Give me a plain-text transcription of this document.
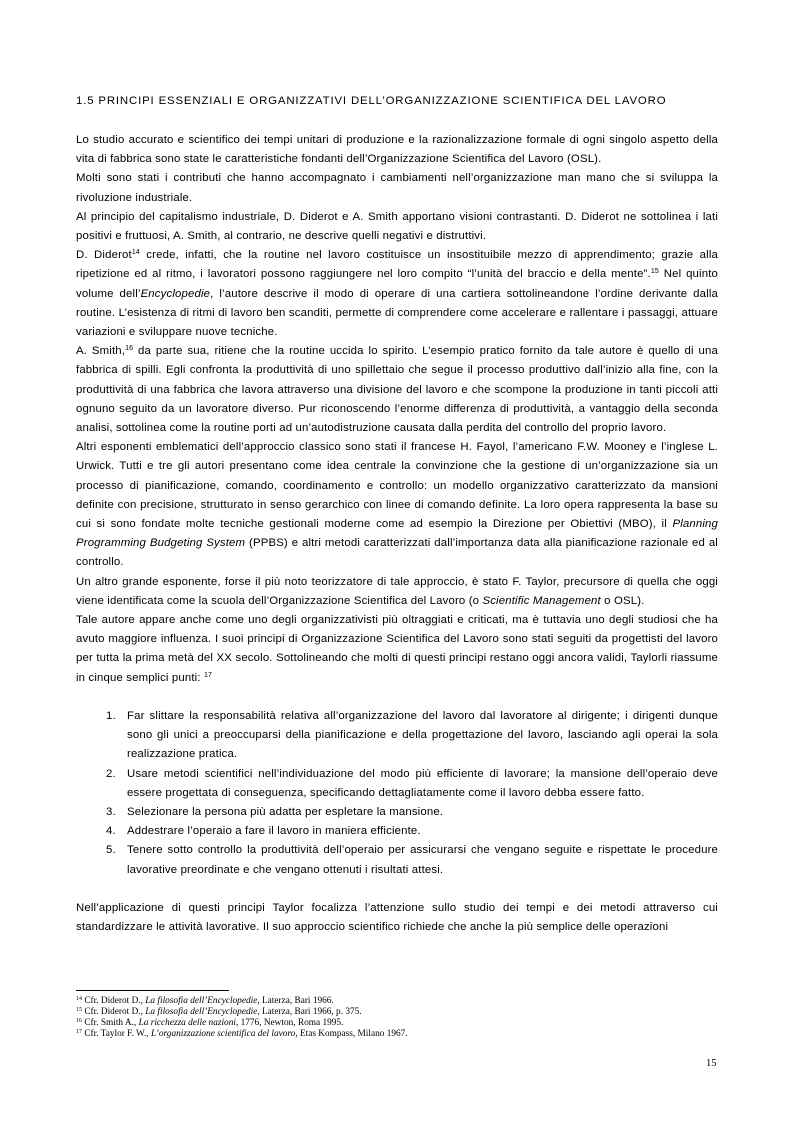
1.5 PRINCIPI ESSENZIALI E ORGANIZZATIVI DELL’ORGANIZZAZIONE SCIENTIFICA DEL LAVORO

Lo studio accurato e scientifico dei tempi unitari di produzione e la razionalizzazione formale di ogni singolo aspetto della vita di fabbrica sono state le caratteristiche fondanti dell’Organizzazione Scientifica del Lavoro (OSL).

Molti sono stati i contributi che hanno accompagnato i cambiamenti nell’organizzazione man mano che si sviluppa la rivoluzione industriale.

Al principio del capitalismo industriale, D. Diderot e A. Smith apportano visioni contrastanti. D. Diderot ne sottolinea i lati positivi e fruttuosi, A. Smith, al contrario, ne descrive quelli negativi e distruttivi.

D. Diderot$^{14}$ crede, infatti, che la routine nel lavoro costituisce un insostituibile mezzo di apprendimento; grazie alla ripetizione ed al ritmo, i lavoratori possono raggiungere nel loro compito “l’unità del braccio e della mente”.$^{15}$ Nel quinto volume dell’Encyclopedie, l’autore descrive il modo di operare di una cartiera sottolineandone l’ordine derivante dalla routine. L’esistenza di ritmi di lavoro ben scanditi, permette di comprendere come accelerare e rallentare i passaggi, attuare variazioni e sviluppare nuove tecniche.

A. Smith,$^{16}$ da parte sua, ritiene che la routine uccida lo spirito. L’esempio pratico fornito da tale autore è quello di una fabbrica di spilli. Egli confronta la produttività di uno spillettaio che segue il processo produttivo dall’inizio alla fine, con la produttività di una fabbrica che lavora attraverso una divisione del lavoro e che scompone la produzione in tanti piccoli atti ognuno seguito da un lavoratore diverso. Pur riconoscendo l’enorme differenza di produttività, a vantaggio della seconda analisi, sottolinea come la routine porti ad un’autodistruzione causata dalla perdita del controllo del proprio lavoro.

Altri esponenti emblematici dell’approccio classico sono stati il francese H. Fayol, l’americano F.W. Mooney e l’inglese L. Urwick. Tutti e tre gli autori presentano come idea centrale la convinzione che la gestione di un’organizzazione sia un processo di pianificazione, comando, coordinamento e controllo: un modello organizzativo caratterizzato da mansioni definite con precisione, strutturato in senso gerarchico con linee di comando definite. La loro opera rappresenta la base su cui si sono fondate molte tecniche gestionali moderne come ad esempio la Direzione per Obiettivi (MBO), il Planning Programming Budgeting System (PPBS) e altri metodi caratterizzati dall’importanza data alla pianificazione razionale ed al controllo.

Un altro grande esponente, forse il più noto teorizzatore di tale approccio, è stato F. Taylor, precursore di quella che oggi viene identificata come la scuola dell’Organizzazione Scientifica del Lavoro (o Scientific Management o OSL).

Tale autore appare anche come uno degli organizzativisti più oltraggiati e criticati, ma è tuttavia uno degli studiosi che ha avuto maggiore influenza. I suoi principi di Organizzazione Scientifica del Lavoro sono stati seguiti da progettisti del lavoro per tutta la prima metà del XX secolo. Sottolineando che molti di questi principi restano oggi ancora validi, Taylorli riassume in cinque semplici punti: $^{17}$

1. Far slittare la responsabilità relativa all’organizzazione del lavoro dal lavoratore al dirigente; i dirigenti dunque sono gli unici a preoccuparsi della pianificazione e della progettazione del lavoro, lasciando agli operai la sola realizzazione pratica.
2. Usare metodi scientifici nell’individuazione del modo più efficiente di lavorare; la mansione dell’operaio deve essere progettata di conseguenza, specificando dettagliatamente come il lavoro debba essere fatto.
3. Selezionare la persona più adatta per espletare la mansione.
4. Addestrare l’operaio a fare il lavoro in maniera efficiente.
5. Tenere sotto controllo la produttività dell’operaio per assicurarsi che vengano seguite e rispettate le procedure lavorative preordinate e che vengano ottenuti i risultati attesi.

Nell’applicazione di questi principi Taylor focalizza l’attenzione sullo studio dei tempi e dei metodi attraverso cui standardizzare le attività lavorative. Il suo approccio scientifico richiede che anche la più semplice delle operazioni

$^{14}$ Cfr. Diderot D., La filosofia dell’Encyclopedie, Laterza, Bari 1966.

$^{15}$ Cfr. Diderot D., La filosofia dell’Encyclopedie, Laterza, Bari 1966, p. 375.

$^{16}$ Cfr. Smith A., La ricchezza delle nazioni, 1776, Newton, Roma 1995.

$^{17}$ Cfr. Taylor F. W., L’organizzazione scientifica del lavoro, Etas Kompass, Milano 1967.

15
